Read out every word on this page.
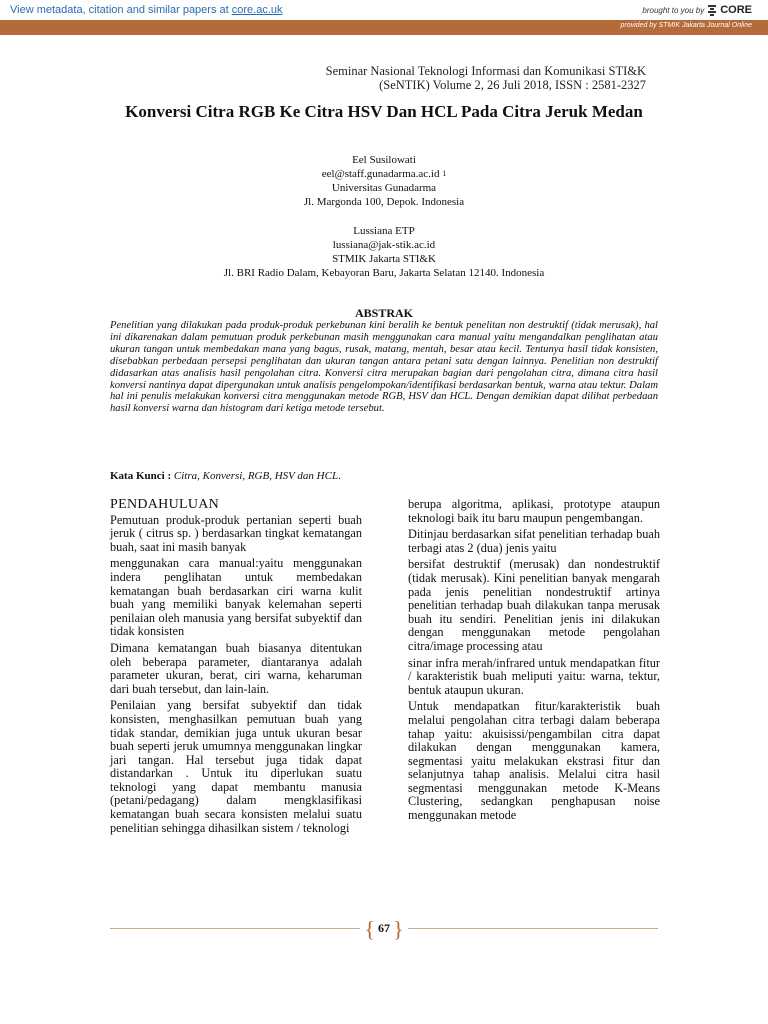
View metadata, citation and similar papers at core.ac.uk	brought to you by CORE
provided by STMIK Jakarta Journal Online
Seminar Nasional Teknologi Informasi dan Komunikasi STI&K
(SeNTIK) Volume 2, 26 Juli 2018, ISSN : 2581-2327
Konversi Citra RGB Ke Citra HSV Dan HCL Pada Citra Jeruk Medan

Eel Susilowati

eel@staff.gunadarma.ac.id $^1$

Universitas Gunadarma

Jl. Margonda 100, Depok. Indonesia

Lussiana ETP

lussiana@jak-stik.ac.id

STMIK Jakarta STI&K

Jl. BRI Radio Dalam, Kebayoran Baru, Jakarta Selatan 12140. Indonesia

ABSTRAK
Penelitian yang dilakukan pada produk-produk perkebunan kini beralih ke bentuk penelitan non destruktif (tidak merusak), hal ini dikarenakan dalam pemutuan produk perkebunan masih menggunakan cara manual yaitu mengandalkan penglihatan atau ukuran tangan untuk membedakan mana yang bagus, rusak, matang, mentah, besar atau kecil. Tentunya hasil tidak konsisten, disebabkan perbedaan persepsi penglihatan dan ukuran tangan antara petani satu dengan lainnya. Penelitian non destruktif didasarkan atas analisis hasil pengolahan citra. Konversi citra merupakan bagian dari pengolahan citra, dimana citra hasil konversi nantinya dapat dipergunakan untuk analisis pengelompokan/identifikasi berdasarkan bentuk, warna atau tektur. Dalam hal ini penulis melakukan konversi citra menggunakan metode RGB, HSV dan HCL. Dengan demikian dapat dilihat perbedaan hasil konversi warna dan histogram dari ketiga metode tersebut.
Kata Kunci : Citra, Konversi, RGB, HSV dan HCL.
PENDAHULUAN

Pemutuan produk-produk pertanian seperti buah jeruk ( citrus sp. ) berdasarkan tingkat kematangan buah, saat ini masih banyak

menggunakan cara manual:yaitu menggunakan indera penglihatan untuk membedakan kematangan buah berdasarkan ciri warna kulit buah yang memiliki banyak kelemahan seperti penilaian oleh manusia yang bersifat subyektif dan tidak konsisten

Dimana kematangan buah biasanya ditentukan oleh beberapa parameter, diantaranya adalah parameter ukuran, berat, ciri warna, keharuman dari buah tersebut, dan lain-lain.

Penilaian yang bersifat subyektif dan tidak konsisten, menghasilkan pemutuan buah yang tidak standar, demikian juga untuk ukuran besar buah seperti jeruk umumnya menggunakan lingkar jari tangan. Hal tersebut juga tidak dapat distandarkan . Untuk itu diperlukan suatu teknologi yang dapat membantu manusia (petani/pedagang) dalam mengklasifikasi kematangan buah secara konsisten melalui suatu penelitian sehingga dihasilkan sistem / teknologi

berupa algoritma, aplikasi, prototype ataupun teknologi baik itu baru maupun pengembangan.

Ditinjau berdasarkan sifat penelitian terhadap buah terbagi atas 2 (dua) jenis yaitu

bersifat destruktif (merusak) dan nondestruktif (tidak merusak). Kini penelitian banyak mengarah pada jenis penelitian nondestruktif artinya penelitian terhadap buah dilakukan tanpa merusak buah itu sendiri. Penelitian jenis ini dilakukan dengan menggunakan metode pengolahan citra/image processing atau

sinar infra merah/infrared untuk mendapatkan fitur / karakteristik buah meliputi yaitu: warna, tektur, bentuk ataupun ukuran.

Untuk mendapatkan fitur/karakteristik buah melalui pengolahan citra terbagi dalam beberapa tahap yaitu: akuisissi/pengambilan citra dapat dilakukan dengan menggunakan kamera, segmentasi yaitu melakukan ekstrasi fitur dan selanjutnya tahap analisis. Melalui citra hasil segmentasi menggunakan metode K-Means Clustering, sedangkan penghapusan noise menggunakan metode

{ 67 }
